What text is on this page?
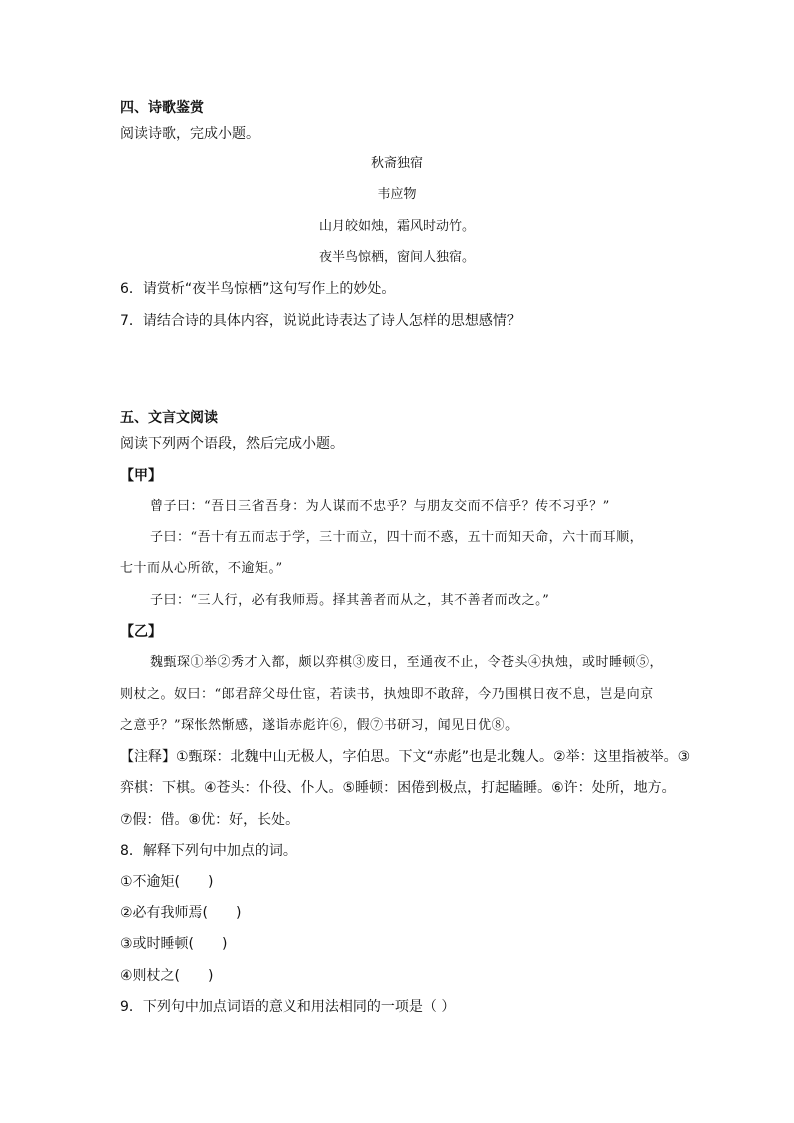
四、诗歌鉴赏
阅读诗歌，完成小题。
秋斋独宿
韦应物
山月皎如烛，霜风时动竹。
夜半鸟惊栖，窗间人独宿。
6．请赏析“夜半鸟惊栖”这句写作上的妙处。
7．请结合诗的具体内容，说说此诗表达了诗人怎样的思想感情？
五、文言文阅读
阅读下列两个语段，然后完成小题。
【甲】
曾子曰：“吾日三省吾身：为人谋而不忠乎？与朋友交而不信乎？传不习乎？”
子曰：“吾十有五而志于学，三十而立，四十而不惑，五十而知天命，六十而耳顺，
七十而从心所欲，不逾矩。”
子曰：“三人行，必有我师焉。择其善者而从之，其不善者而改之。”
【乙】
魏甄琛①举②秀才入都，颇以弈棋③废日，至通夜不止，令苍头④执烛，或时睡顿⑤，
则杖之。奴曰：“郎君辞父母仕宦，若读书，执烛即不敢辞，今乃围棋日夜不息，岂是向京
之意乎？”琛怅然惭感，遂诣赤彪许⑥，假⑦书研习，闻见日优⑧。
【注释】①甄琛：北魏中山无极人，字伯思。下文“赤彪”也是北魏人。②举：这里指被举。③
弈棋：下棋。④苍头：仆役、仆人。⑤睡顿：困倦到极点，打起瞌睡。⑥许：处所，地方。
⑦假：借。⑧优：好，长处。
8．解释下列句中加点的词。
①不逾矩(　　)
②必有我师焉(　　)
③或时睡顿(　　)
④则杖之(　　)
9．下列句中加点词语的意义和用法相同的一项是（ ）
